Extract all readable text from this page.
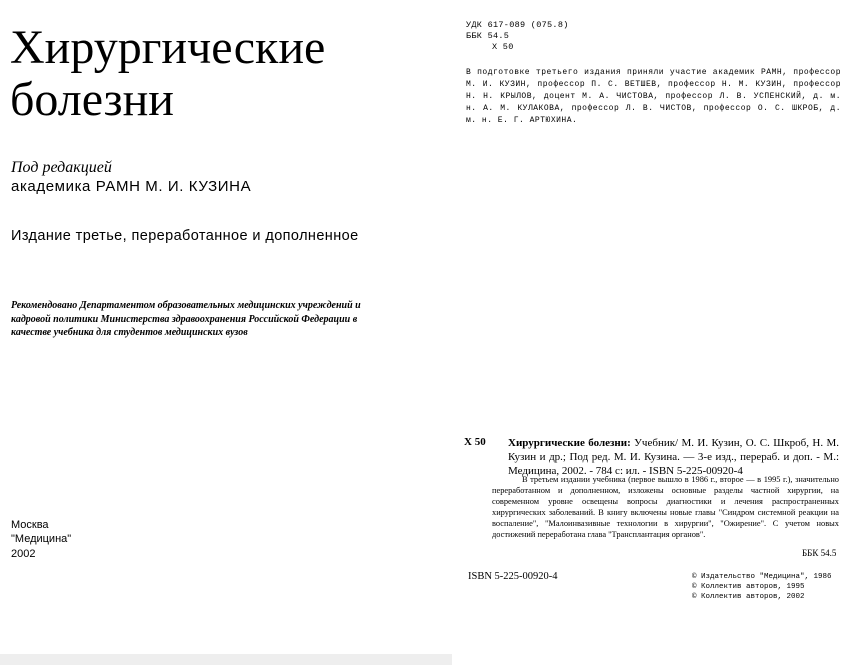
Хирургические
болезни
Под редакцией
академика РАМН М. И. КУЗИНА
Издание третье, переработанное и дополненное
Рекомендовано Департаментом образовательных медицинских учреждений и кадровой политики Министерства здравоохранения Российской Федерации в качестве учебника для студентов медицинских вузов
Москва
"Медицина"
2002
УДК 617-089 (075.8)
ББК 54.5
Х 50
В подготовке третьего издания приняли участие академик РАМН, профессор М. И. КУЗИН, профессор П. С. ВЕТШЕВ, профессор Н. М. КУЗИН, профессор Н. Н. КРЫЛОВ, доцент М. А. ЧИСТОВА, профессор Л. В. УСПЕНСКИЙ, д. м. н. А. М. КУЛАКОВА, профессор Л. В. ЧИСТОВ, профессор О. С. ШКРОБ, д. м. н. Е. Г. АРТЮХИНА.
Х 50 Хирургические болезни: Учебник/ М. И. Кузин, О. С. Шкроб, Н. М. Кузин и др.; Под ред. М. И. Кузина. — 3-е изд., перераб. и доп. - М.: Медицина, 2002. - 784 с: ил. - ISBN 5-225-00920-4
В третьем издании учебника (первое вышло в 1986 г., второе — в 1995 г.), значительно переработанном и дополненном, изложены основные разделы частной хирургии, на современном уровне освещены вопросы диагностики и лечения распространенных хирургических заболеваний. В книгу включены новые главы "Синдром системной реакции на воспаление", "Малоинвазивные технологии в хирургии", "Ожирение". С учетом новых достижений переработана глава "Трансплантация органов".
ББК 54.5
ISBN 5-225-00920-4	© Издательство "Медицина", 1986
© Коллектив авторов, 1995
© Коллектив авторов, 2002
